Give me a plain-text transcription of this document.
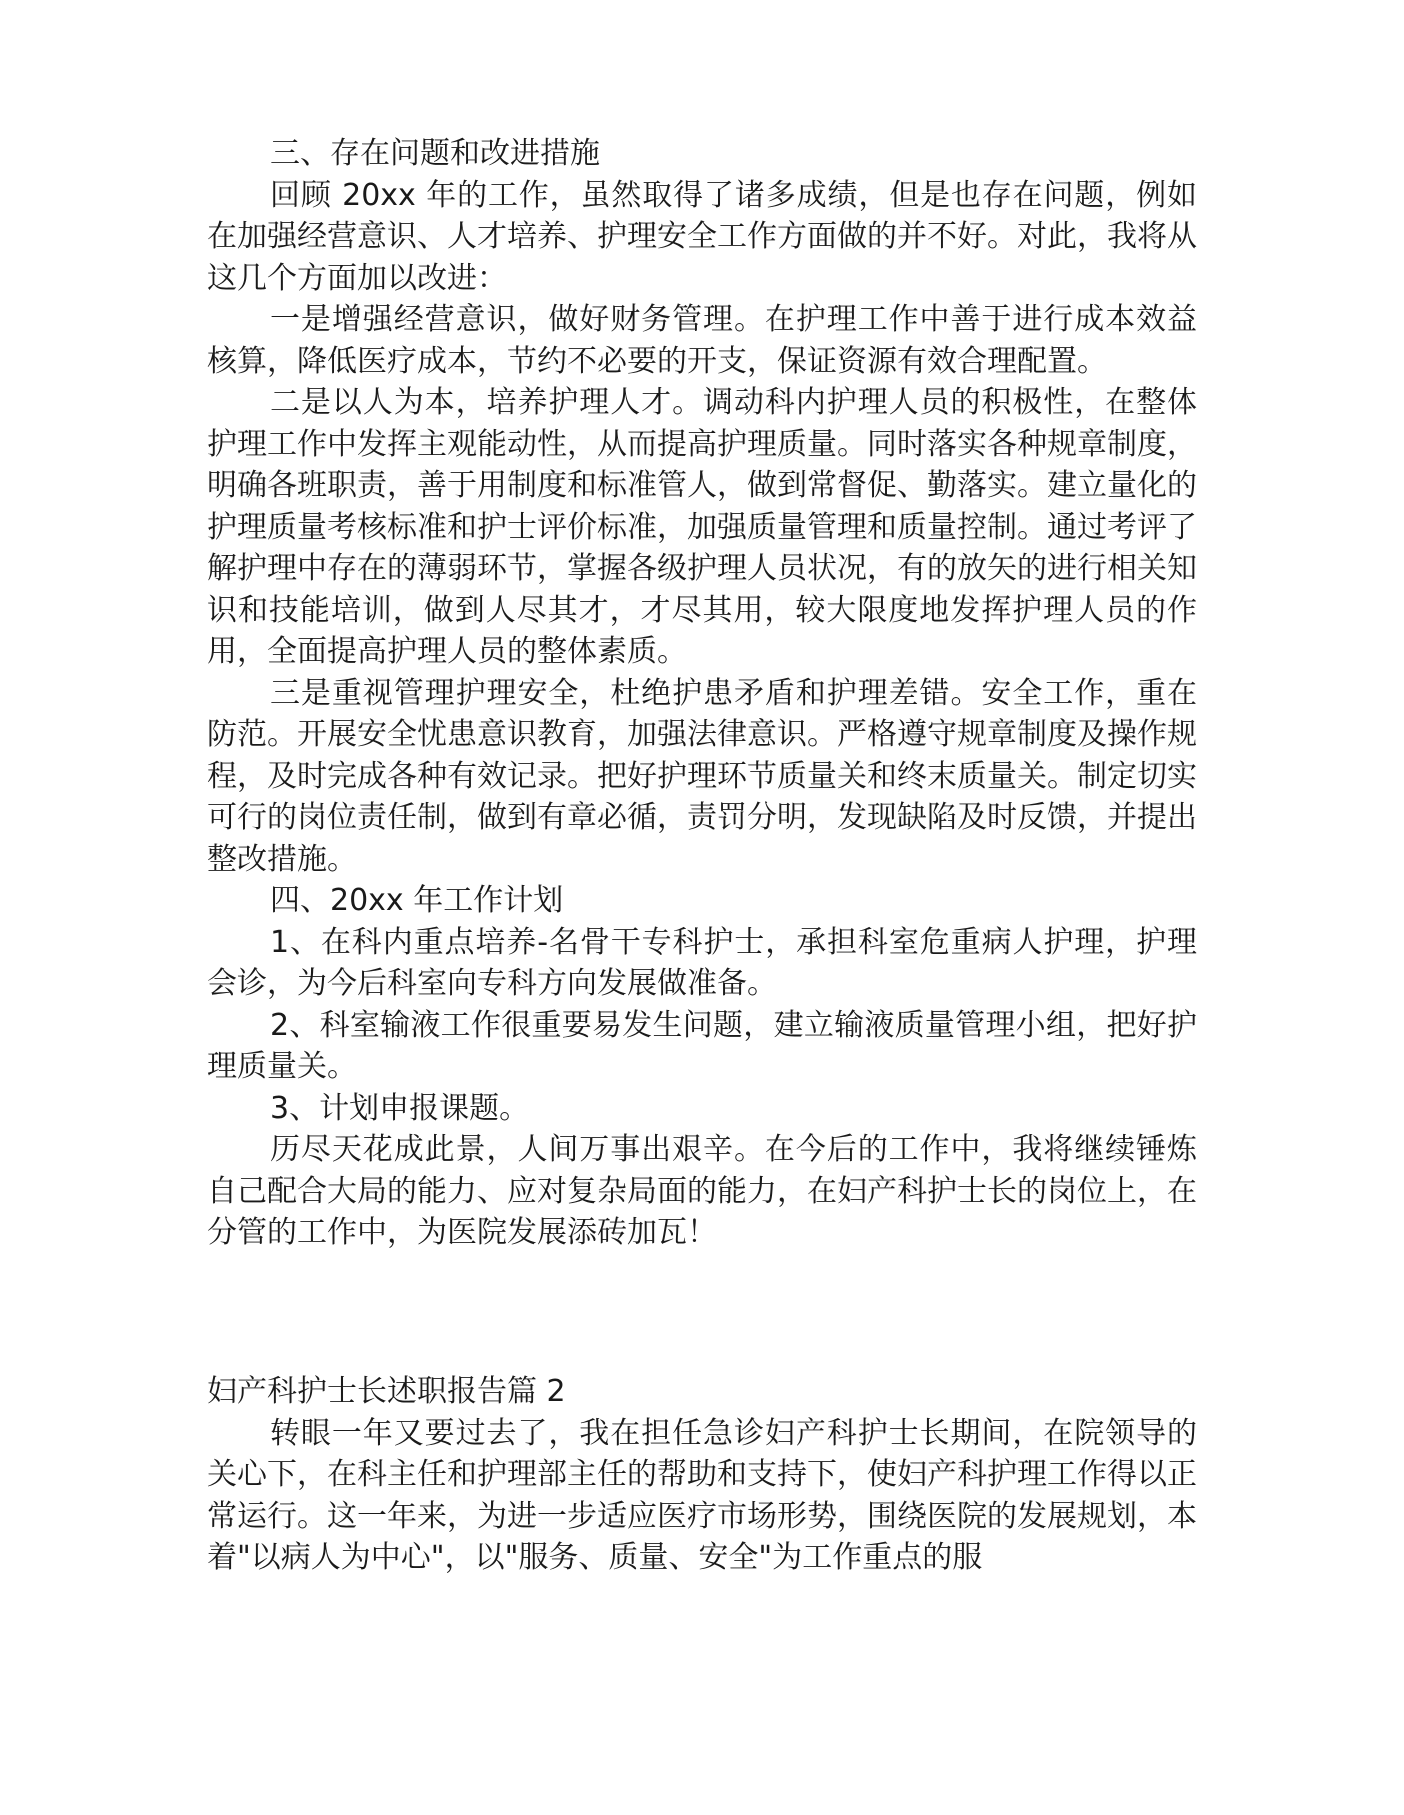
三、存在问题和改进措施

回顾 20xx 年的工作，虽然取得了诸多成绩，但是也存在问题，例如在加强经营意识、人才培养、护理安全工作方面做的并不好。对此，我将从这几个方面加以改进：

一是增强经营意识，做好财务管理。在护理工作中善于进行成本效益核算，降低医疗成本，节约不必要的开支，保证资源有效合理配置。

二是以人为本，培养护理人才。调动科内护理人员的积极性，在整体护理工作中发挥主观能动性，从而提高护理质量。同时落实各种规章制度，明确各班职责，善于用制度和标准管人，做到常督促、勤落实。建立量化的护理质量考核标准和护士评价标准，加强质量管理和质量控制。通过考评了解护理中存在的薄弱环节，掌握各级护理人员状况，有的放矢的进行相关知识和技能培训，做到人尽其才，才尽其用，较大限度地发挥护理人员的作用，全面提高护理人员的整体素质。

三是重视管理护理安全，杜绝护患矛盾和护理差错。安全工作，重在防范。开展安全忧患意识教育，加强法律意识。严格遵守规章制度及操作规程，及时完成各种有效记录。把好护理环节质量关和终末质量关。制定切实可行的岗位责任制，做到有章必循，责罚分明，发现缺陷及时反馈，并提出整改措施。

四、20xx 年工作计划

1、在科内重点培养-名骨干专科护士，承担科室危重病人护理，护理会诊，为今后科室向专科方向发展做准备。

2、科室输液工作很重要易发生问题，建立输液质量管理小组，把好护理质量关。

3、计划申报课题。

历尽天花成此景，人间万事出艰辛。在今后的工作中，我将继续锤炼自己配合大局的能力、应对复杂局面的能力，在妇产科护士长的岗位上，在分管的工作中，为医院发展添砖加瓦！

妇产科护士长述职报告篇 2

转眼一年又要过去了，我在担任急诊妇产科护士长期间，在院领导的关心下，在科主任和护理部主任的帮助和支持下，使妇产科护理工作得以正常运行。这一年来，为进一步适应医疗市场形势，围绕医院的发展规划，本着"以病人为中心"，以"服务、质量、安全"为工作重点的服
